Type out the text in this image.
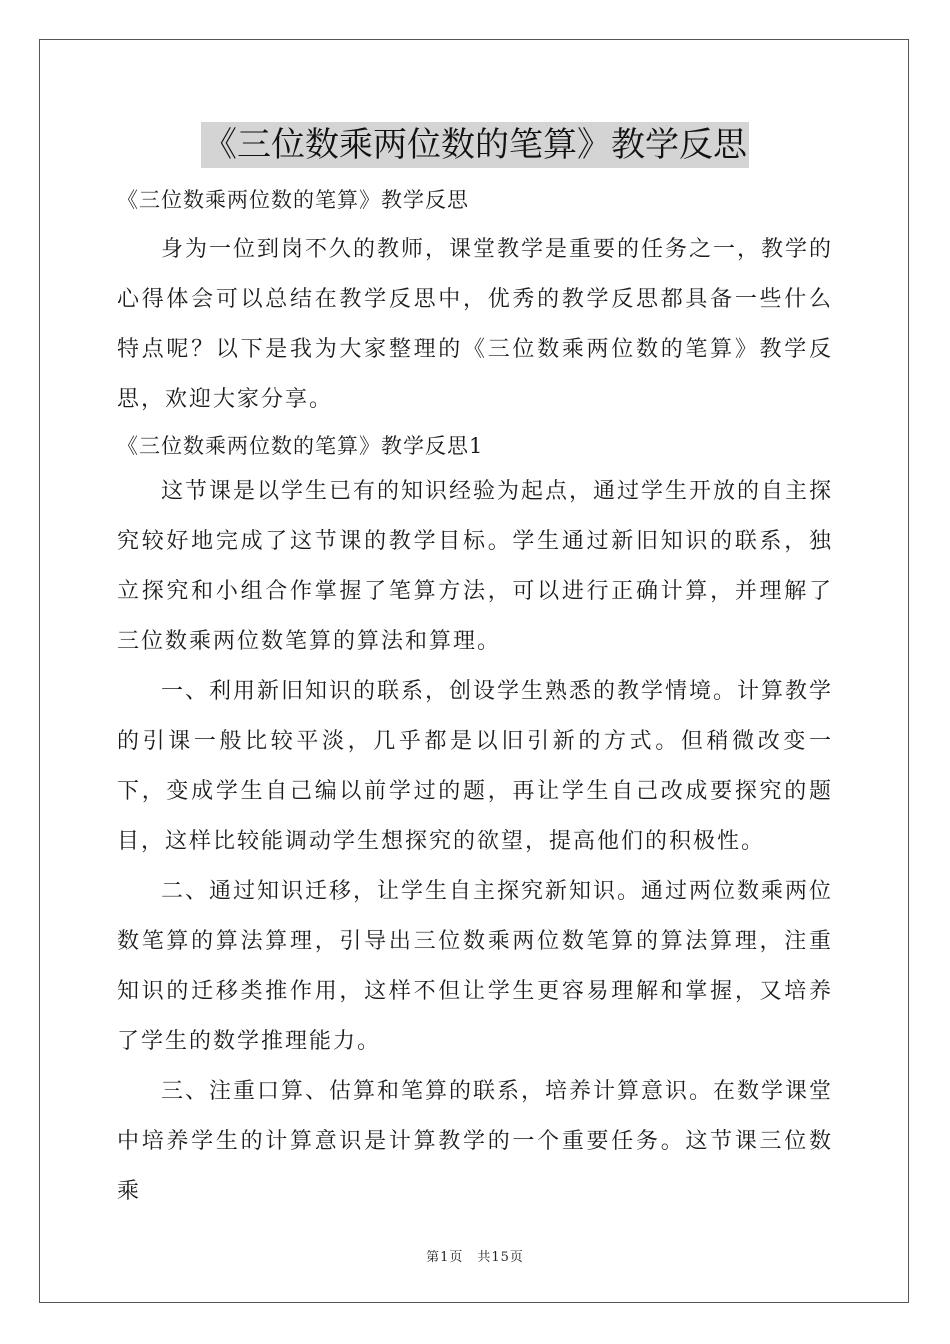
《三位数乘两位数的笔算》教学反思

《三位数乘两位数的笔算》教学反思

身为一位到岗不久的教师，课堂教学是重要的任务之一，教学的心得体会可以总结在教学反思中，优秀的教学反思都具备一些什么特点呢？以下是我为大家整理的《三位数乘两位数的笔算》教学反思，欢迎大家分享。

《三位数乘两位数的笔算》教学反思1

这节课是以学生已有的知识经验为起点，通过学生开放的自主探究较好地完成了这节课的教学目标。学生通过新旧知识的联系，独立探究和小组合作掌握了笔算方法，可以进行正确计算，并理解了三位数乘两位数笔算的算法和算理。

一、利用新旧知识的联系，创设学生熟悉的教学情境。计算教学的引课一般比较平淡，几乎都是以旧引新的方式。但稍微改变一下，变成学生自己编以前学过的题，再让学生自己改成要探究的题目，这样比较能调动学生想探究的欲望，提高他们的积极性。

二、通过知识迁移，让学生自主探究新知识。通过两位数乘两位数笔算的算法算理，引导出三位数乘两位数笔算的算法算理，注重知识的迁移类推作用，这样不但让学生更容易理解和掌握，又培养了学生的数学推理能力。

三、注重口算、估算和笔算的联系，培养计算意识。在数学课堂中培养学生的计算意识是计算教学的一个重要任务。这节课三位数乘

第1页 共15页
